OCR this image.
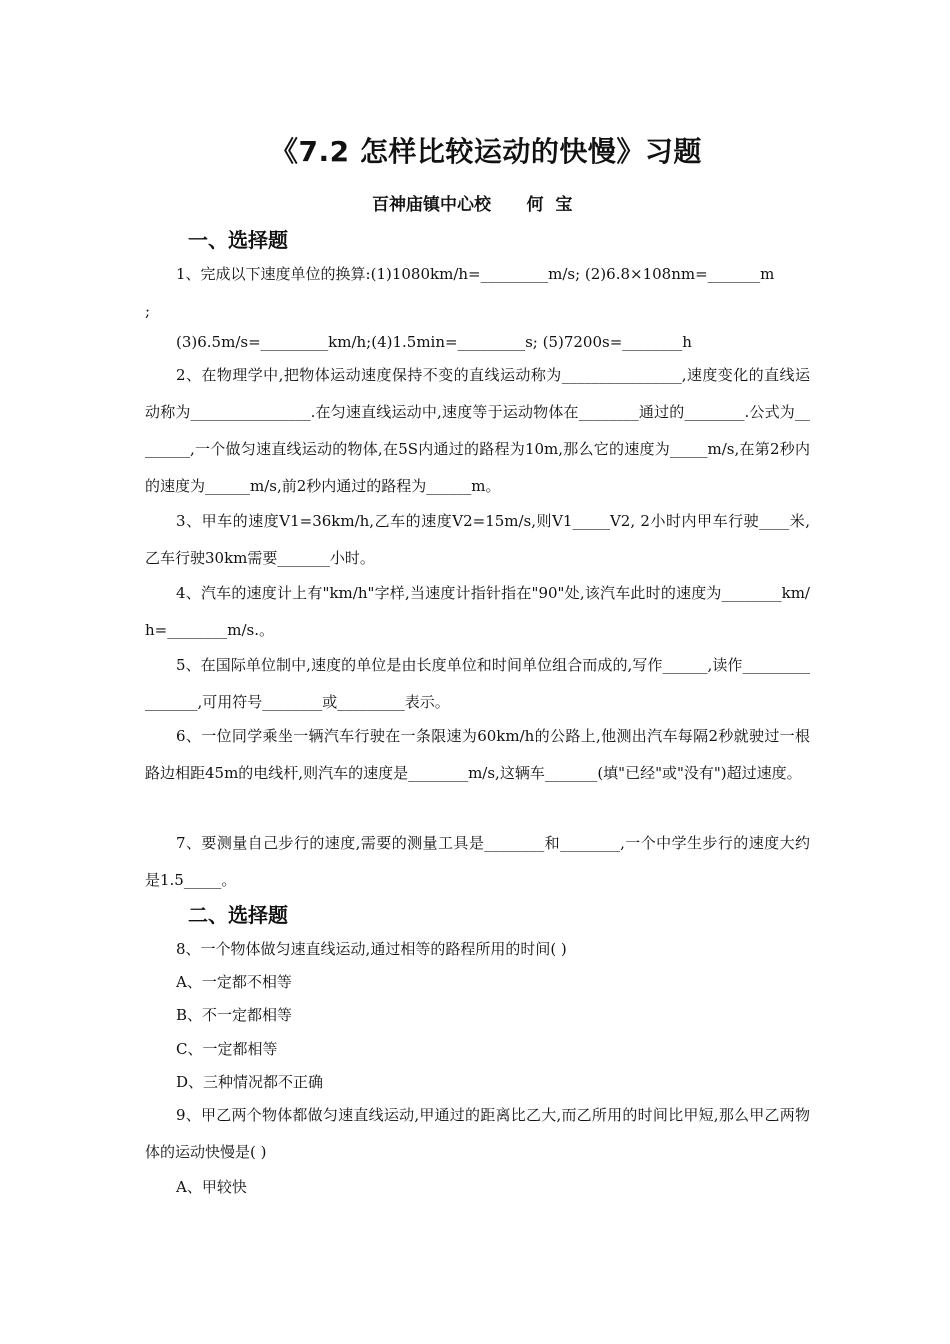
《7.2 怎样比较运动的快慢》习题
百神庙镇中心校      何  宝
一、选择题
1、完成以下速度单位的换算:(1)1080km/h=_________m/s; (2)6.8×108nm=_______m
;
(3)6.5m/s=_________km/h;(4)1.5min=_________s; (5)7200s=________h
2、在物理学中,把物体运动速度保持不变的直线运动称为________________,速度变化的直线运动称为________________.在匀速直线运动中,速度等于运动物体在________通过的________.公式为________,一个做匀速直线运动的物体,在5S内通过的路程为10m,那么它的速度为_____m/s,在第2秒内的速度为______m/s,前2秒内通过的路程为______m。
3、甲车的速度V1=36km/h,乙车的速度V2=15m/s,则V1_____V2, 2小时内甲车行驶____米,乙车行驶30km需要_______小时。
4、汽车的速度计上有"km/h"字样,当速度计指针指在"90"处,该汽车此时的速度为________km/h=________m/s.。
5、在国际单位制中,速度的单位是由长度单位和时间单位组合而成的,写作______,读作________________,可用符号________或_________表示。
6、一位同学乘坐一辆汽车行驶在一条限速为60km/h的公路上,他测出汽车每隔2秒就驶过一根路边相距45m的电线杆,则汽车的速度是________m/s,这辆车_______(填"已经"或"没有")超过速度。
7、要测量自己步行的速度,需要的测量工具是________和________,一个中学生步行的速度大约是1.5_____。
二、选择题
8、一个物体做匀速直线运动,通过相等的路程所用的时间( )
A、一定都不相等
B、不一定都相等
C、一定都相等
D、三种情况都不正确
9、甲乙两个物体都做匀速直线运动,甲通过的距离比乙大,而乙所用的时间比甲短,那么甲乙两物体的运动快慢是( )
A、甲较快
